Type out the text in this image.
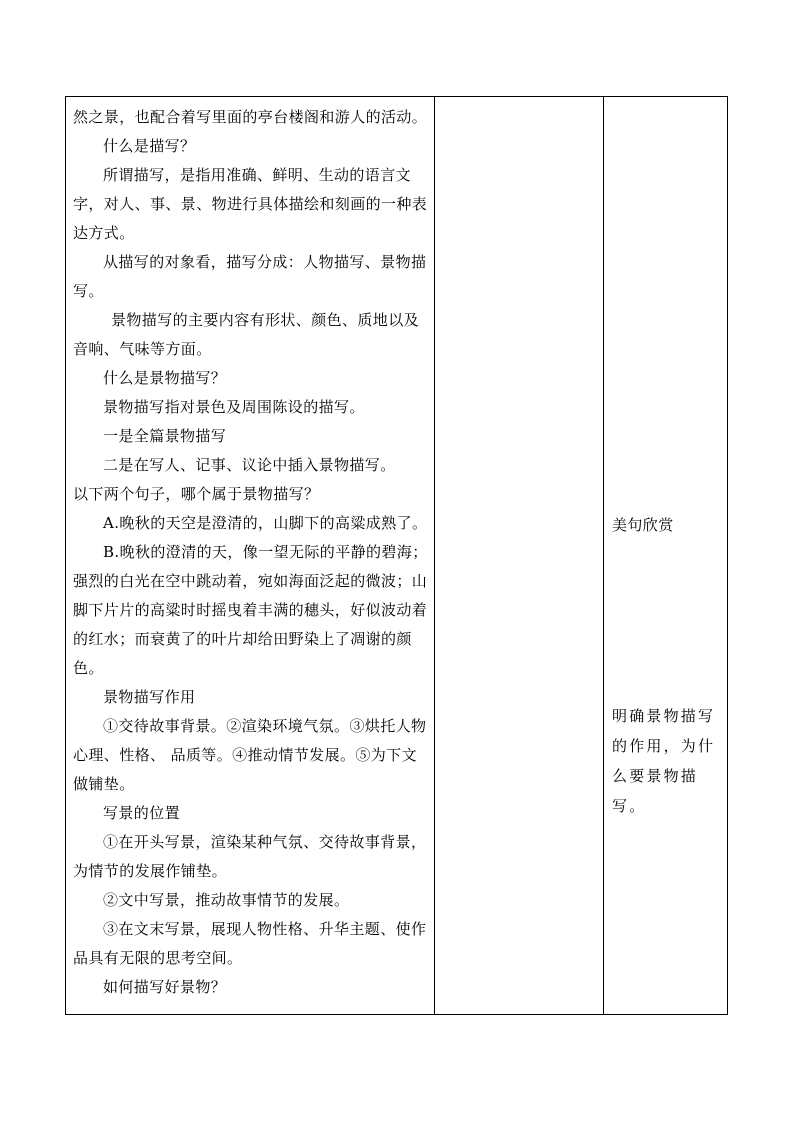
然之景，也配合着写里面的亭台楼阁和游人的活动。

什么是描写？

所谓描写，是指用准确、鲜明、生动的语言文字，对人、事、景、物进行具体描绘和刻画的一种表达方式。

从描写的对象看，描写分成：人物描写、景物描写。

景物描写的主要内容有形状、颜色、质地以及音响、气味等方面。

什么是景物描写？

景物描写指对景色及周围陈设的描写。

一是全篇景物描写

二是在写人、记事、议论中插入景物描写。

以下两个句子，哪个属于景物描写？

A.晚秋的天空是澄清的，山脚下的高粱成熟了。

B.晚秋的澄清的天，像一望无际的平静的碧海；强烈的白光在空中跳动着，宛如海面泛起的微波；山脚下片片的高粱时时摇曳着丰满的穗头，好似波动着的红水；而衰黄了的叶片却给田野染上了凋谢的颜色。

景物描写作用

①交待故事背景。②渲染环境气氛。③烘托人物心理、性格、 品质等。④推动情节发展。⑤为下文做铺垫。

写景的位置

①在开头写景，渲染某种气氛、交待故事背景，为情节的发展作铺垫。

②文中写景，推动故事情节的发展。

③在文末写景，展现人物性格、升华主题、使作品具有无限的思考空间。

如何描写好景物？

美句欣赏

明确景物描写的作用，为什么要景物描写。
